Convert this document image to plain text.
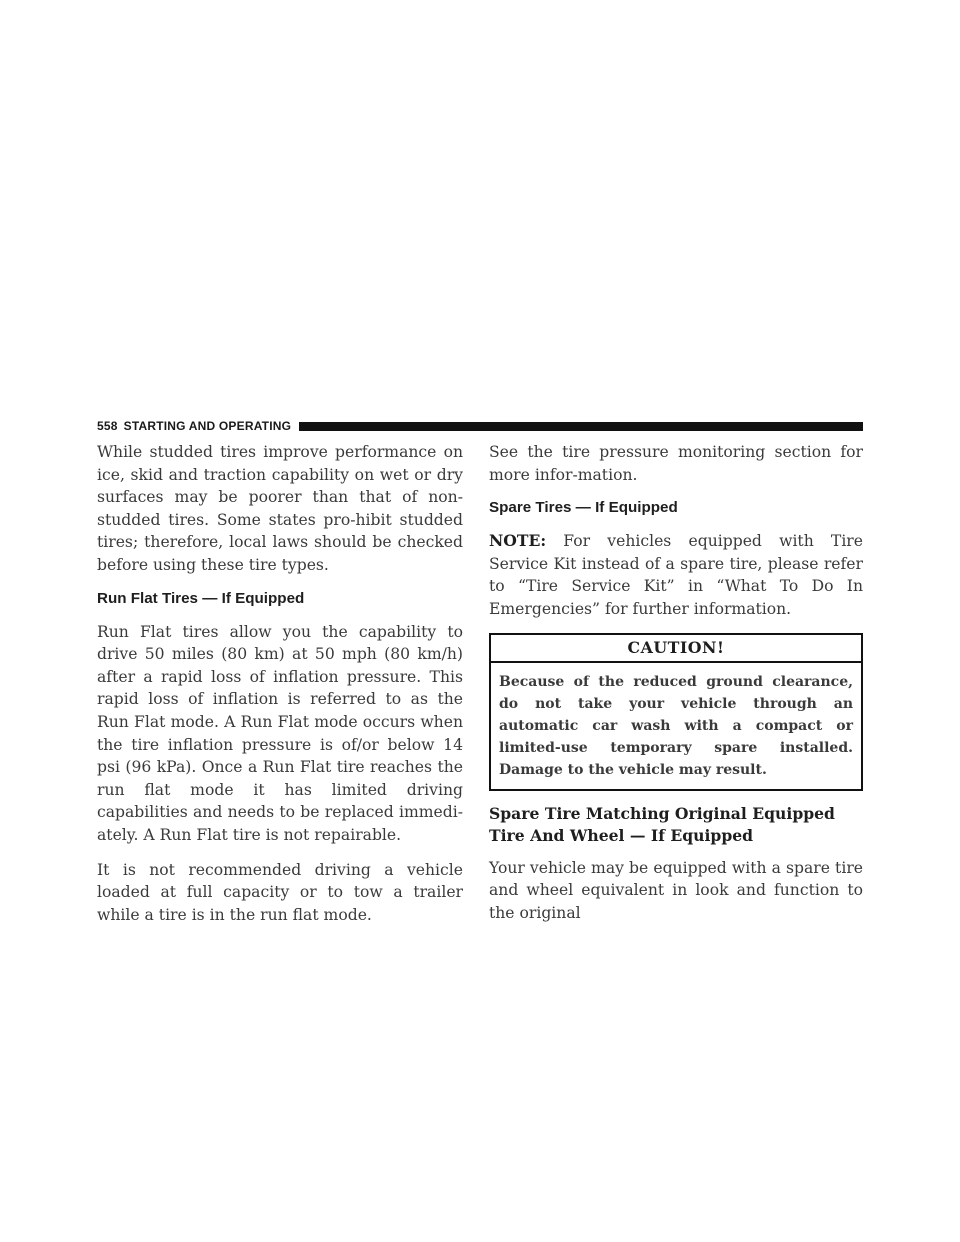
558 STARTING AND OPERATING

While studded tires improve performance on ice, skid and traction capability on wet or dry surfaces may be poorer than that of non-studded tires. Some states pro-hibit studded tires; therefore, local laws should be checked before using these tire types.

Run Flat Tires — If Equipped

Run Flat tires allow you the capability to drive 50 miles (80 km) at 50 mph (80 km/h) after a rapid loss of inflation pressure. This rapid loss of inflation is referred to as the Run Flat mode. A Run Flat mode occurs when the tire inflation pressure is of/or below 14 psi (96 kPa). Once a Run Flat tire reaches the run flat mode it has limited driving capabilities and needs to be replaced immedi-ately. A Run Flat tire is not repairable.

It is not recommended driving a vehicle loaded at full capacity or to tow a trailer while a tire is in the run flat mode.

See the tire pressure monitoring section for more infor-mation.

Spare Tires — If Equipped

NOTE: For vehicles equipped with Tire Service Kit instead of a spare tire, please refer to “Tire Service Kit” in “What To Do In Emergencies” for further information.

CAUTION!
Because of the reduced ground clearance, do not take your vehicle through an automatic car wash with a compact or limited-use temporary spare installed. Damage to the vehicle may result.
Spare Tire Matching Original Equipped Tire And Wheel — If Equipped

Your vehicle may be equipped with a spare tire and wheel equivalent in look and function to the original
